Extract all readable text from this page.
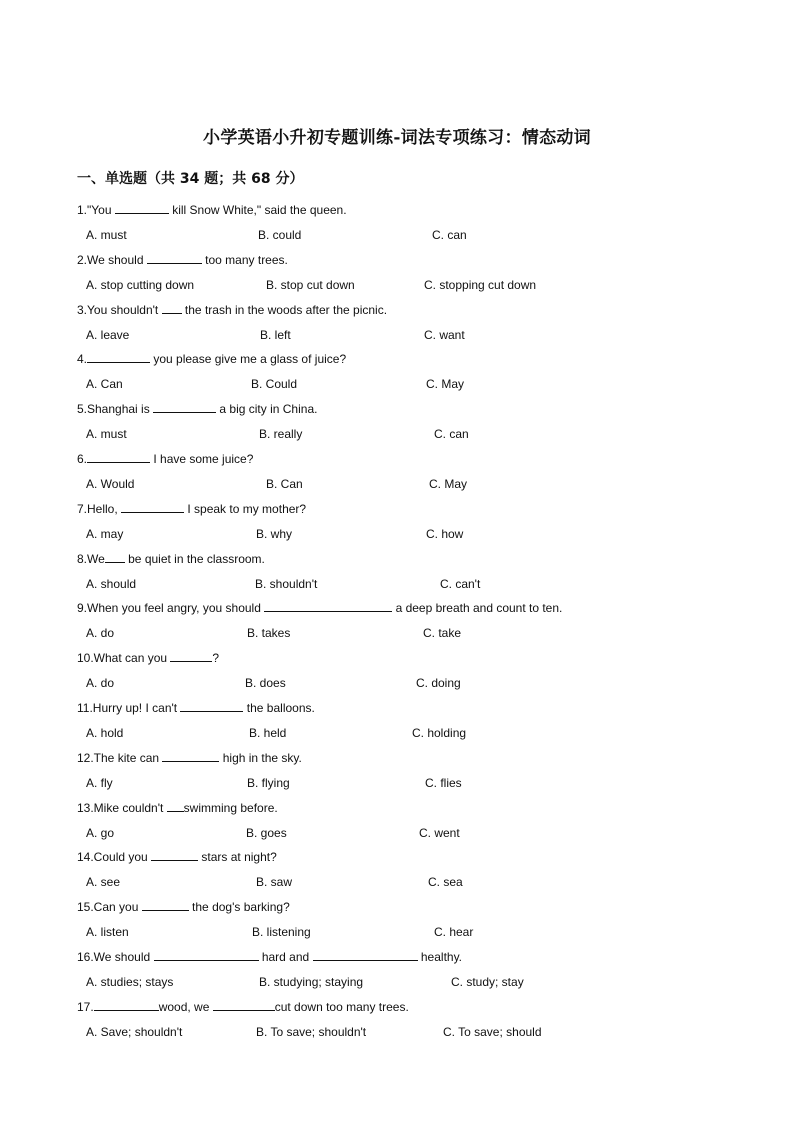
小学英语小升初专题训练-词法专项练习：情态动词
一、单选题（共 34 题；共 68 分）
1."You	kill Snow White," said the queen.
A. must	B. could	C. can
2.We should	too many trees.
A. stop cutting down	B. stop cut down	C. stopping cut down
3.You shouldn't  the trash in the woods after the picnic.
A. leave	B. left	C. want
4.	you please give me a glass of juice?
A. Can	B. Could	C. May
5.Shanghai is	a big city in China.
A. must	B. really	C. can
6.	I have some juice?
A. Would	B. Can	C. May
7.Hello,	I speak to my mother?
A. may	B. why	C. how
8.We be quiet in the classroom.
A. should	B. shouldn't	C. can't
9.When you feel angry, you should	a deep breath and count to ten.
A. do	B. takes	C. take
10.What can you	?
A. do	B. does	C. doing
11.Hurry up! I can't	the balloons.
A. hold	B. held	C. holding
12.The kite can	high in the sky.
A. fly	B. flying	C. flies
13.Mike couldn't swimming before.
A. go	B. goes	C. went
14.Could you	stars at night?
A. see	B. saw	C. sea
15.Can you	the dog's barking?
A. listen	B. listening	C. hear
16.We should	hard and	healthy.
A. studies; stays	B. studying; staying	C. study; stay
17.	wood, we	cut down too many trees.
A. Save; shouldn't	B. To save; shouldn't	C. To save; should
